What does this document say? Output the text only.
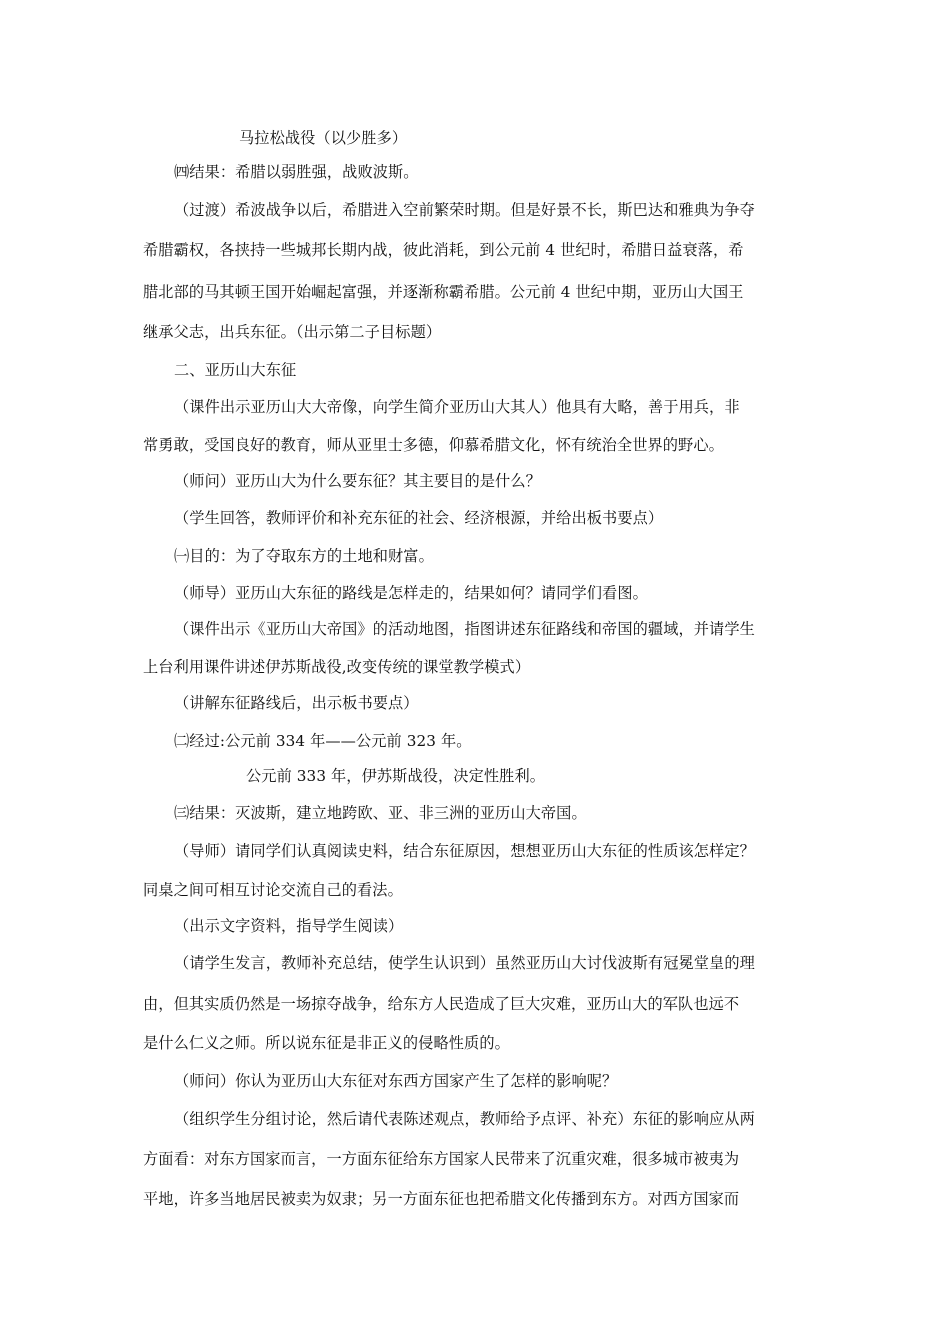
马拉松战役（以少胜多）
㈣结果：希腊以弱胜强，战败波斯。
（过渡）希波战争以后，希腊进入空前繁荣时期。但是好景不长，斯巴达和雅典为争夺
希腊霸权，各挟持一些城邦长期内战，彼此消耗，到公元前 4 世纪时，希腊日益衰落，希
腊北部的马其顿王国开始崛起富强，并逐渐称霸希腊。公元前 4 世纪中期，亚历山大国王
继承父志，出兵东征。（出示第二子目标题）
二、亚历山大东征
（课件出示亚历山大大帝像，向学生简介亚历山大其人）他具有大略，善于用兵，非
常勇敢，受国良好的教育，师从亚里士多德，仰慕希腊文化，怀有统治全世界的野心。
（师问）亚历山大为什么要东征？其主要目的是什么？
（学生回答，教师评价和补充东征的社会、经济根源，并给出板书要点）
㈠目的：为了夺取东方的土地和财富。
（师导）亚历山大东征的路线是怎样走的，结果如何？请同学们看图。
（课件出示《亚历山大帝国》的活动地图，指图讲述东征路线和帝国的疆域，并请学生
上台利用课件讲述伊苏斯战役,改变传统的课堂教学模式）
（讲解东征路线后，出示板书要点）
㈡经过:公元前 334 年——公元前 323 年。
公元前 333 年，伊苏斯战役，决定性胜利。
㈢结果：灭波斯，建立地跨欧、亚、非三洲的亚历山大帝国。
（导师）请同学们认真阅读史料，结合东征原因，想想亚历山大东征的性质该怎样定？
同桌之间可相互讨论交流自己的看法。
（出示文字资料，指导学生阅读）
（请学生发言，教师补充总结，使学生认识到）虽然亚历山大讨伐波斯有冠冕堂皇的理
由，但其实质仍然是一场掠夺战争，给东方人民造成了巨大灾难，亚历山大的军队也远不
是什么仁义之师。所以说东征是非正义的侵略性质的。
（师问）你认为亚历山大东征对东西方国家产生了怎样的影响呢？
（组织学生分组讨论，然后请代表陈述观点，教师给予点评、补充）东征的影响应从两
方面看：对东方国家而言，一方面东征给东方国家人民带来了沉重灾难，很多城市被夷为
平地，许多当地居民被卖为奴隶；另一方面东征也把希腊文化传播到东方。对西方国家而
